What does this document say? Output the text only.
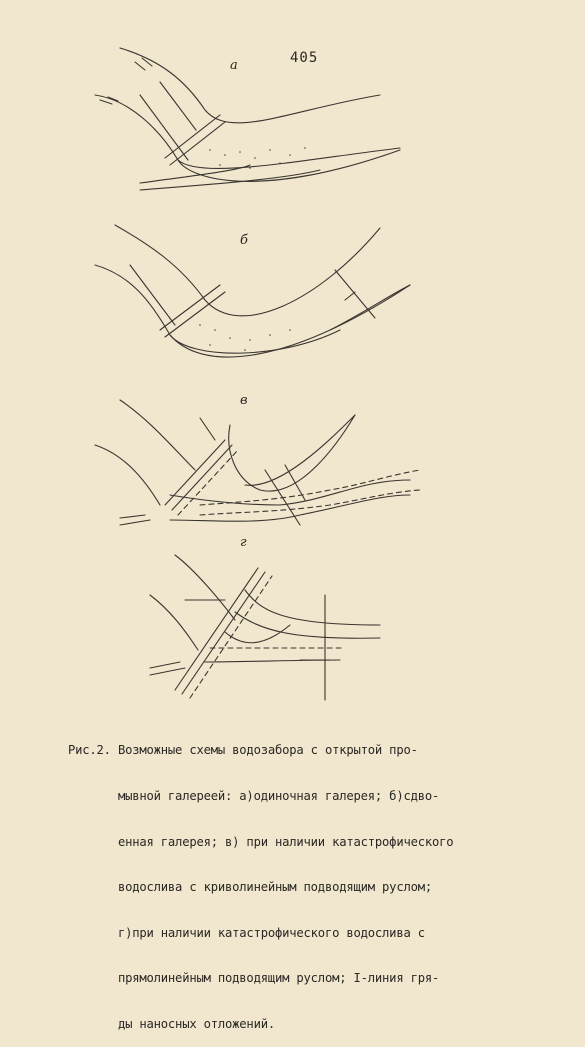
405
а
б
в
г

Рис.2. Возможные схемы водозабора с открытой про-

мывной галереей: а)одиночная галерея; б)сдво-

енная галерея; в) при наличии катастрофического

водослива с криволинейным подводящим руслом;

г)при наличии катастрофического водослива с

прямолинейным подводящим руслом; I-линия гря-

ды наносных отложений.
